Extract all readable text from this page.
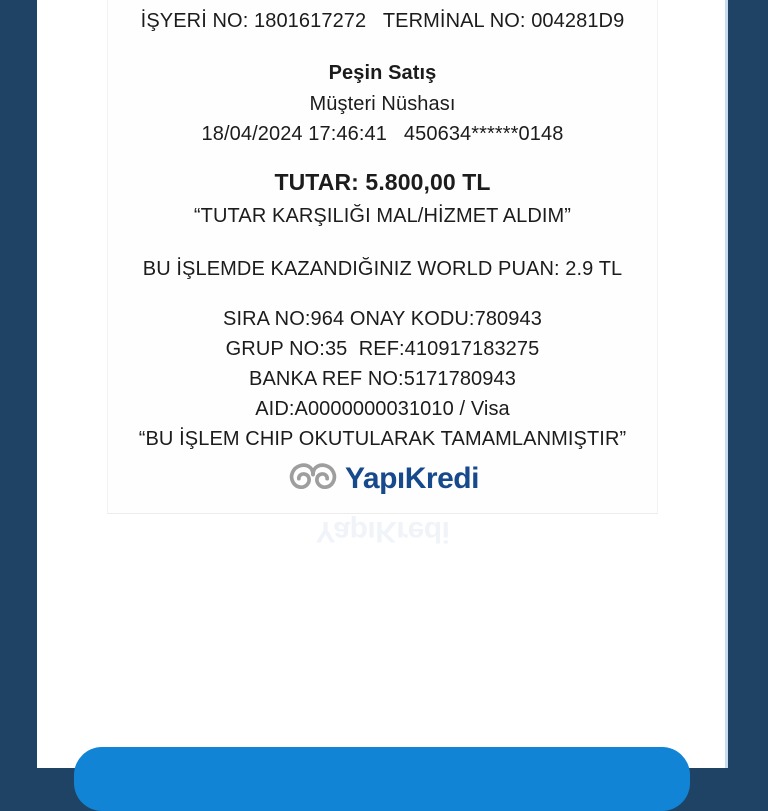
İŞYERİ NO: 1801617272   TERMİNAL NO: 004281D9
Peşin Satış
Müşteri Nüshası
18/04/2024 17:46:41   450634******0148
TUTAR: 5.800,00 TL
“TUTAR KARŞILIĞI MAL/HİZMET ALDIM”
BU İŞLEMDE KAZANDIĞINIZ WORLD PUAN: 2.9 TL
SIRA NO:964 ONAY KODU:780943
GRUP NO:35  REF:410917183275
BANKA REF NO:5171780943
AID:A0000000031010 / Visa
“BU İŞLEM CHIP OKUTULARAK TAMAMLANMIŞTIR”
YapıKredi
YapıKredi
